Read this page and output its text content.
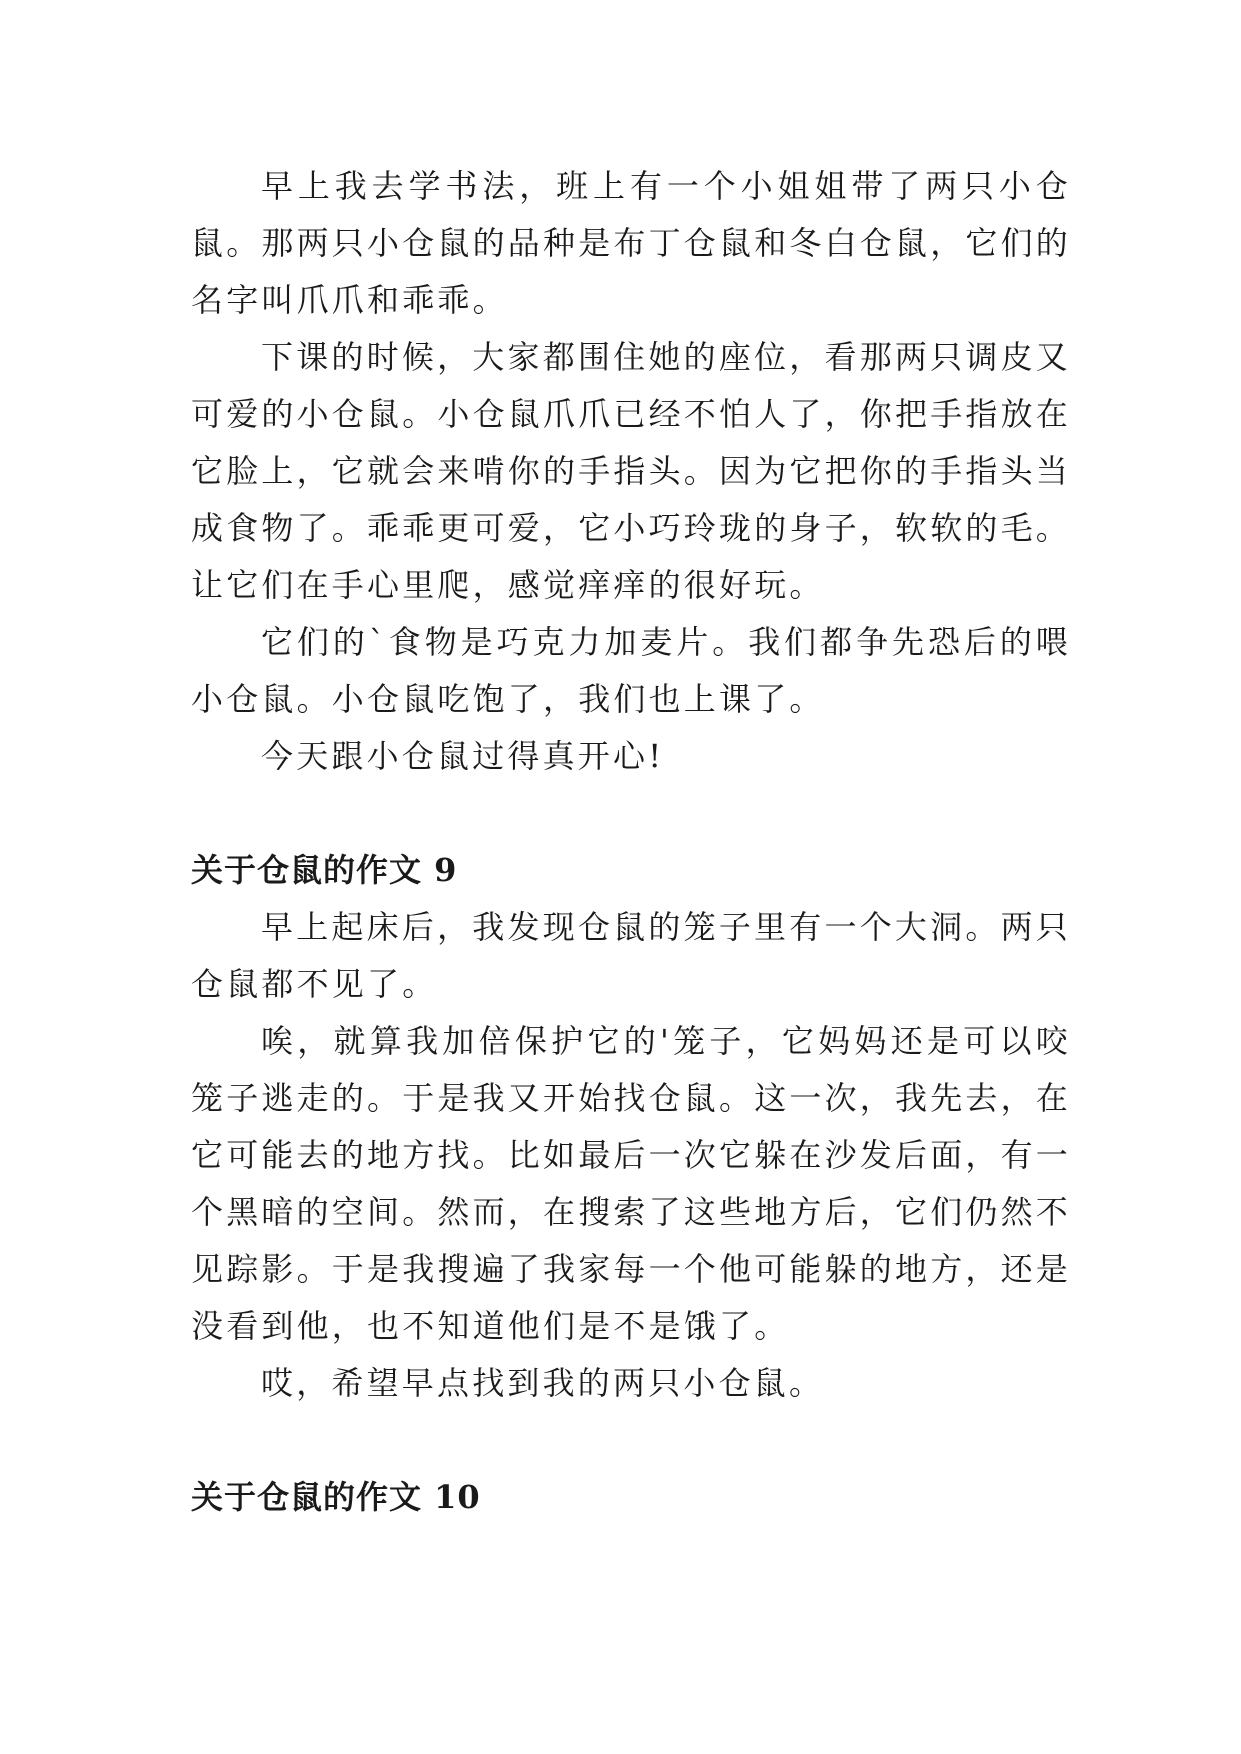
早上我去学书法，班上有一个小姐姐带了两只小仓鼠。那两只小仓鼠的品种是布丁仓鼠和冬白仓鼠，它们的名字叫爪爪和乖乖。

下课的时候，大家都围住她的座位，看那两只调皮又可爱的小仓鼠。小仓鼠爪爪已经不怕人了，你把手指放在它脸上，它就会来啃你的手指头。因为它把你的手指头当成食物了。乖乖更可爱，它小巧玲珑的身子，软软的毛。让它们在手心里爬，感觉痒痒的很好玩。

它们的`食物是巧克力加麦片。我们都争先恐后的喂小仓鼠。小仓鼠吃饱了，我们也上课了。

今天跟小仓鼠过得真开心!

关于仓鼠的作文 9

早上起床后，我发现仓鼠的笼子里有一个大洞。两只仓鼠都不见了。

唉，就算我加倍保护它的'笼子，它妈妈还是可以咬笼子逃走的。于是我又开始找仓鼠。这一次，我先去，在它可能去的地方找。比如最后一次它躲在沙发后面，有一个黑暗的空间。然而，在搜索了这些地方后，它们仍然不见踪影。于是我搜遍了我家每一个他可能躲的地方，还是没看到他，也不知道他们是不是饿了。

哎，希望早点找到我的两只小仓鼠。

关于仓鼠的作文 10
